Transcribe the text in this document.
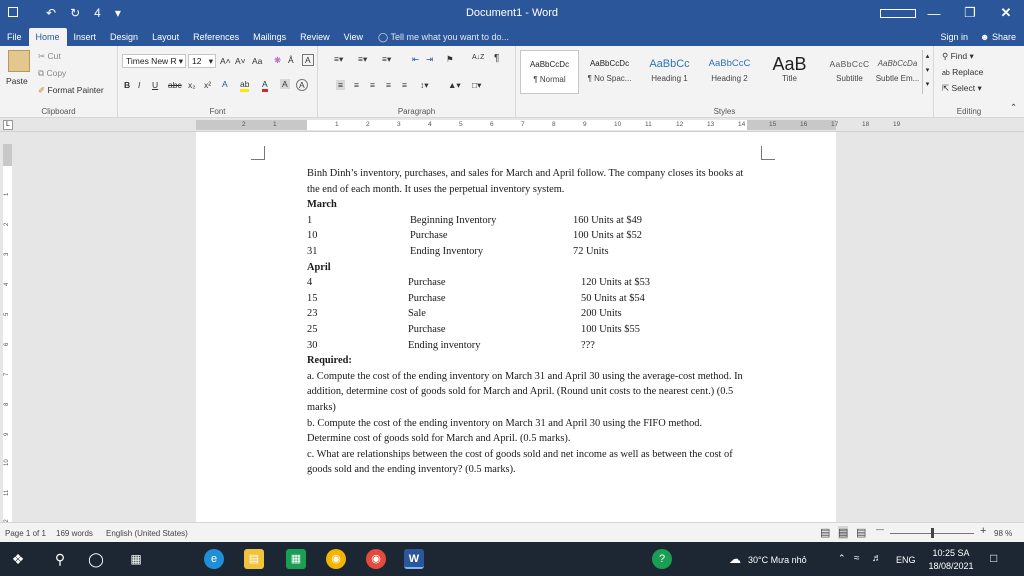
↶ ↻ 4 ▾	Document1 - Word	—	❐	✕
File	Home	Insert	Design	Layout	References	Mailings	Review	View	◯ Tell me what you want to do...	Sign in ☻ Share
Paste
✂ Cut
⧉ Copy
✐ Format Painter
Clipboard
Times New R ▾	12 ▾ A˄ A˅ Aa ❋ Å	A
B I U abc x₂ x² A ab A A	A
Font
≡▾ ≡▾ ≡▾ ⇤ ⇥ ⚑	A↓Z ¶
≡ ≡ ≡ ≡ ≡ ↕▾ ▲▾ □▾
Paragraph
AaBbCcDc
¶ Normal
AaBbCcDc
¶ No Spac...
AaBbCc
Heading 1
AaBbCcC
Heading 2
AaB
Title
AaBbCcC
Subtitle
AaBbCcDa
Subtle Em...
▴
▾
▾
Styles
⚲ Find ▾
ab Replace
⇱ Select ▾
Editing	⌃
L	2	1	1	2	3	4	5	6	7	8	9	10	11	12	13	14	15	16	17	18	19
1
2
3
4
5
6
7
8
9
10
11

Binh Dinh’s inventory, purchases, and sales for March and April follow. The company closes its books at the end of each month. It uses the perpetual inventory system.

March

1	Beginning Inventory	160 Units at $49
10	Purchase	100 Units at $52
31	Ending Inventory	72 Units

April

4	Purchase	120 Units at $53
15	Purchase	50 Units at $54
23	Sale	200 Units
25	Purchase	100 Units $55
30	Ending inventory	???

Required:

a. Compute the cost of the ending inventory on March 31 and April 30 using the average-cost method. In addition, determine cost of goods sold for March and April. (Round unit costs to the nearest cent.) (0.5 marks)

b. Compute the cost of the ending inventory on March 31 and April 30 using the FIFO method. Determine cost of goods sold for March and April. (0.5 marks).

c. What are relationships between the cost of goods sold and net income as well as between the cost of goods sold and the ending inventory? (0.5 marks).

Page 1 of 1 169 words English (United States)	▤ ▤ ▤ —	+ 98 %
❖	⚲	◯	▦	e	▤	▦	◉	◉	W	?	☁ 30°C Mưa nhỏ	⌃ ≈ ♬ ENG
10:25 SA
18/08/2021
□
